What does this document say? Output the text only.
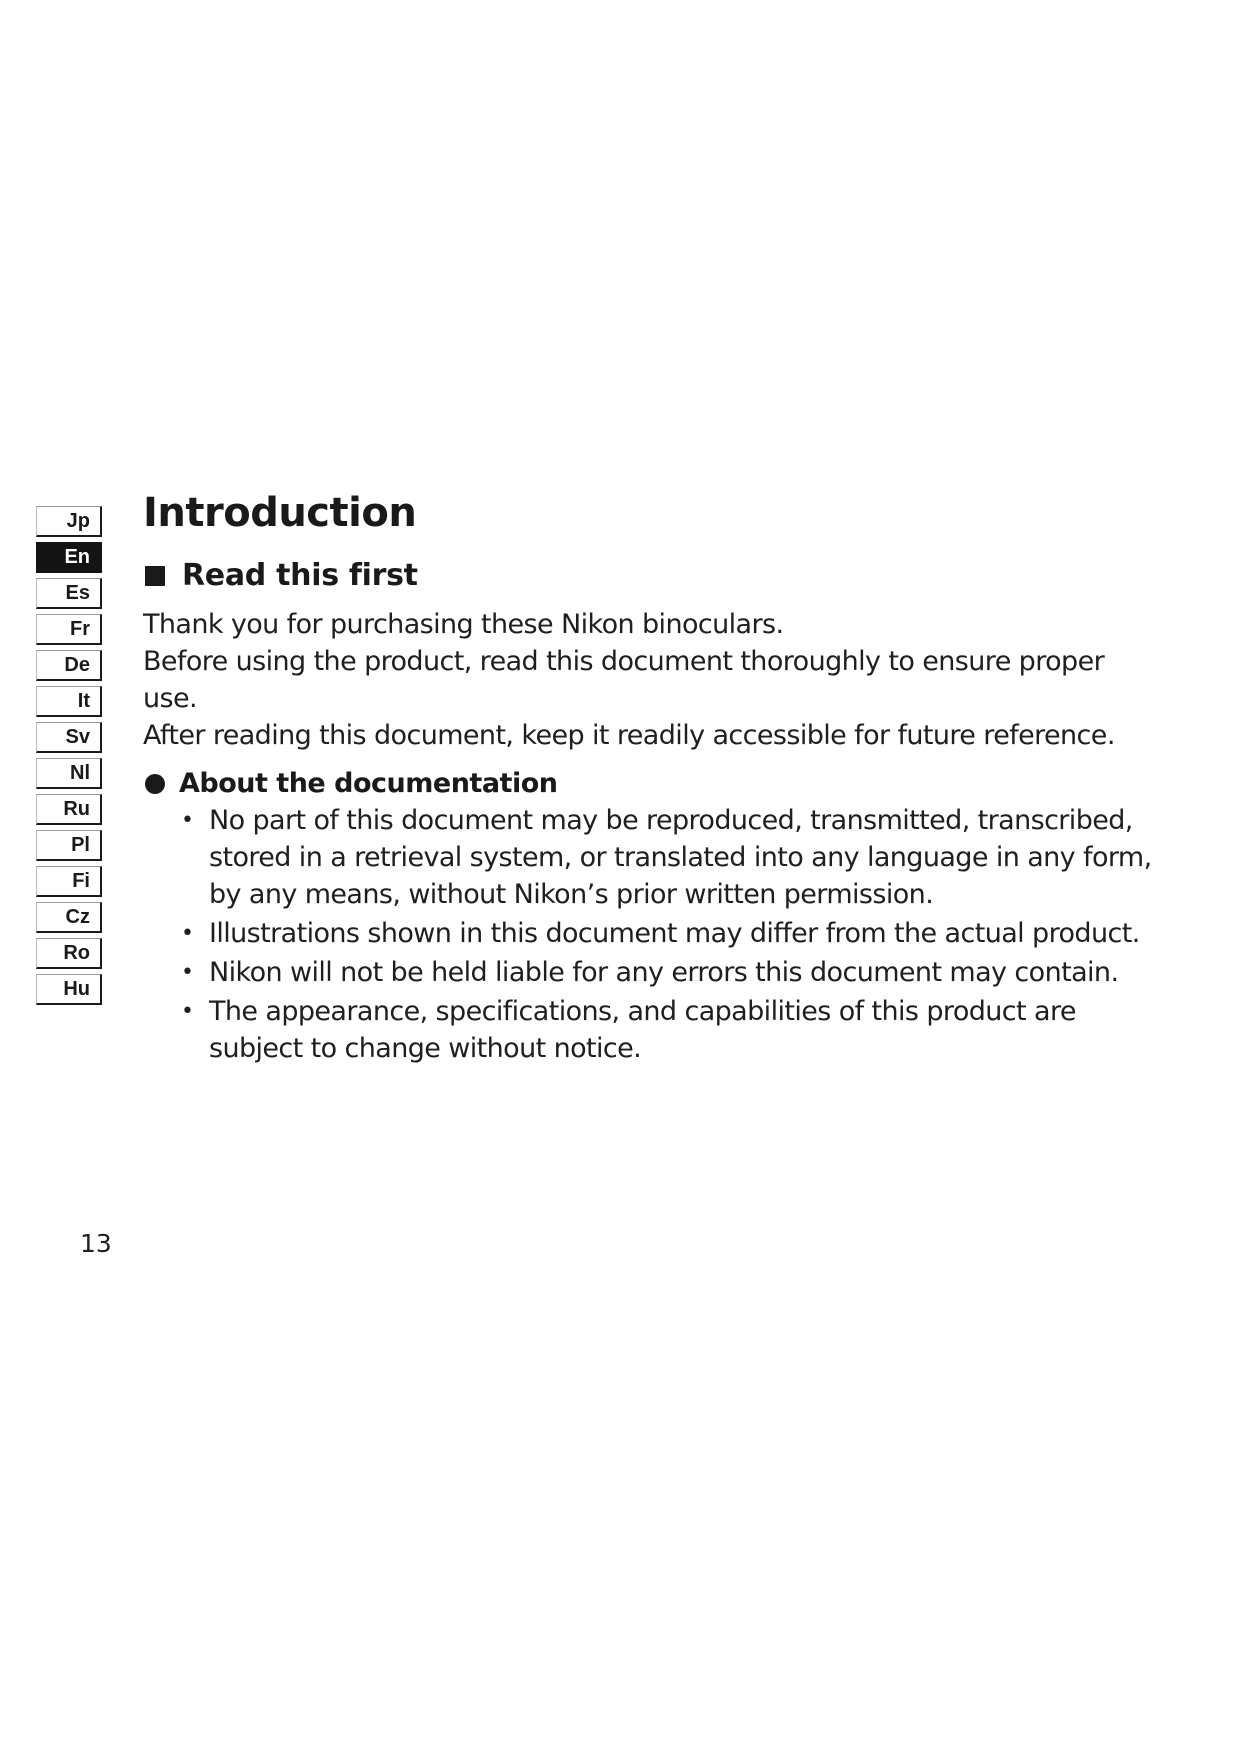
Jp
En
Es
Fr
De
It
Sv
Nl
Ru
Pl
Fi
Cz
Ro
Hu
Introduction
Read this first

Thank you for purchasing these Nikon binoculars.

Before using the product, read this document thoroughly to ensure proper use.

After reading this document, keep it readily accessible for future reference.

About the documentation
• No part of this document may be reproduced, transmitted, transcribed, stored in a retrieval system, or translated into any language in any form, by any means, without Nikon’s prior written permission.
• Illustrations shown in this document may differ from the actual product.
• Nikon will not be held liable for any errors this document may contain.
• The appearance, specifications, and capabilities of this product are subject to change without notice.
13
